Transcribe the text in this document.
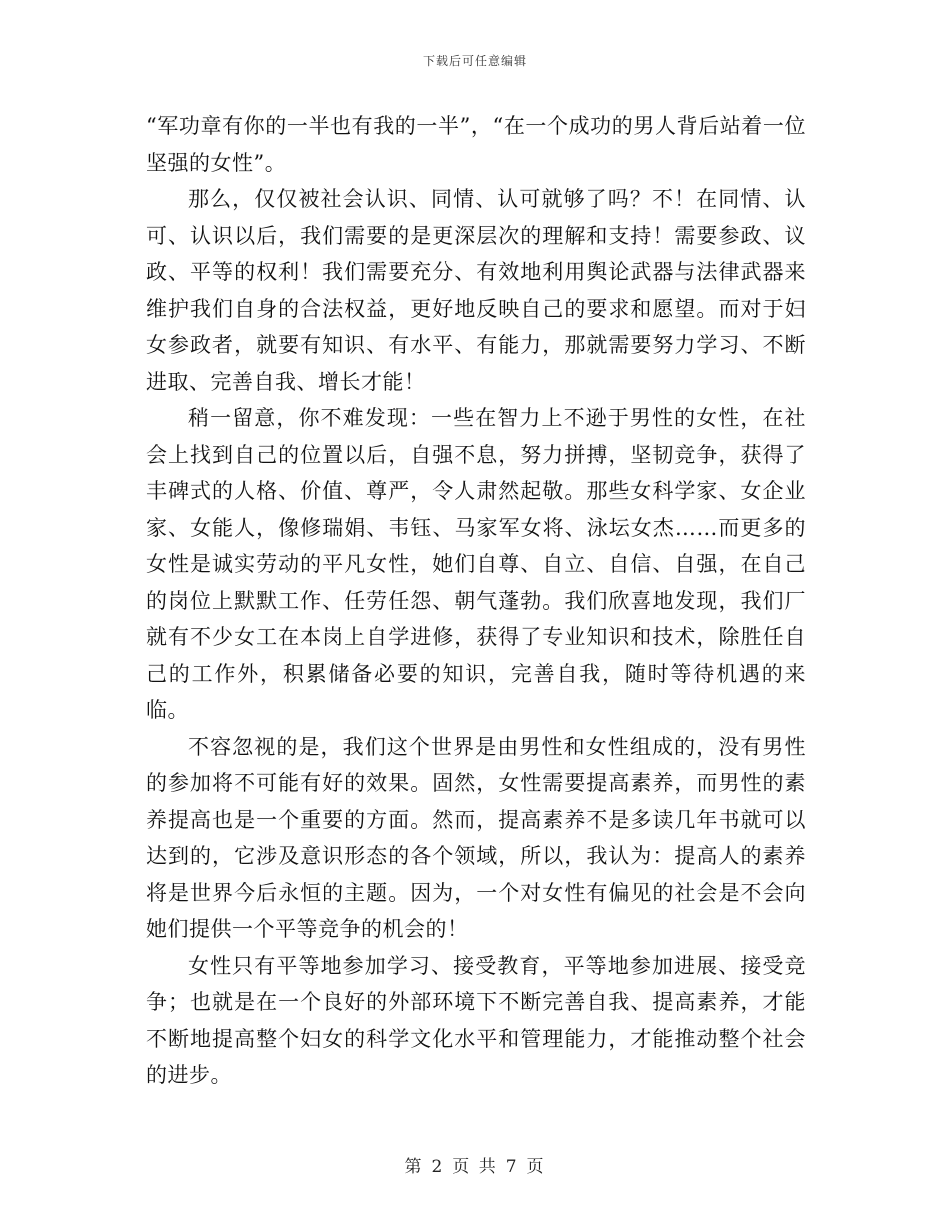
下载后可任意编辑

“军功章有你的一半也有我的一半”，“在一个成功的男人背后站着一位坚强的女性”。

那么，仅仅被社会认识、同情、认可就够了吗？不！在同情、认可、认识以后，我们需要的是更深层次的理解和支持！需要参政、议政、平等的权利！我们需要充分、有效地利用舆论武器与法律武器来维护我们自身的合法权益，更好地反映自己的要求和愿望。而对于妇女参政者，就要有知识、有水平、有能力，那就需要努力学习、不断进取、完善自我、增长才能！

稍一留意，你不难发现：一些在智力上不逊于男性的女性，在社会上找到自己的位置以后，自强不息，努力拼搏，坚韧竞争，获得了丰碑式的人格、价值、尊严，令人肃然起敬。那些女科学家、女企业家、女能人，像修瑞娟、韦钰、马家军女将、泳坛女杰……而更多的女性是诚实劳动的平凡女性，她们自尊、自立、自信、自强，在自己的岗位上默默工作、任劳任怨、朝气蓬勃。我们欣喜地发现，我们厂就有不少女工在本岗上自学进修，获得了专业知识和技术，除胜任自己的工作外，积累储备必要的知识，完善自我，随时等待机遇的来临。

不容忽视的是，我们这个世界是由男性和女性组成的，没有男性的参加将不可能有好的效果。固然，女性需要提高素养，而男性的素养提高也是一个重要的方面。然而，提高素养不是多读几年书就可以达到的，它涉及意识形态的各个领域，所以，我认为：提高人的素养将是世界今后永恒的主题。因为，一个对女性有偏见的社会是不会向她们提供一个平等竞争的机会的！

女性只有平等地参加学习、接受教育，平等地参加进展、接受竞争；也就是在一个良好的外部环境下不断完善自我、提高素养，才能不断地提高整个妇女的科学文化水平和管理能力，才能推动整个社会的进步。

第 2 页 共 7 页
